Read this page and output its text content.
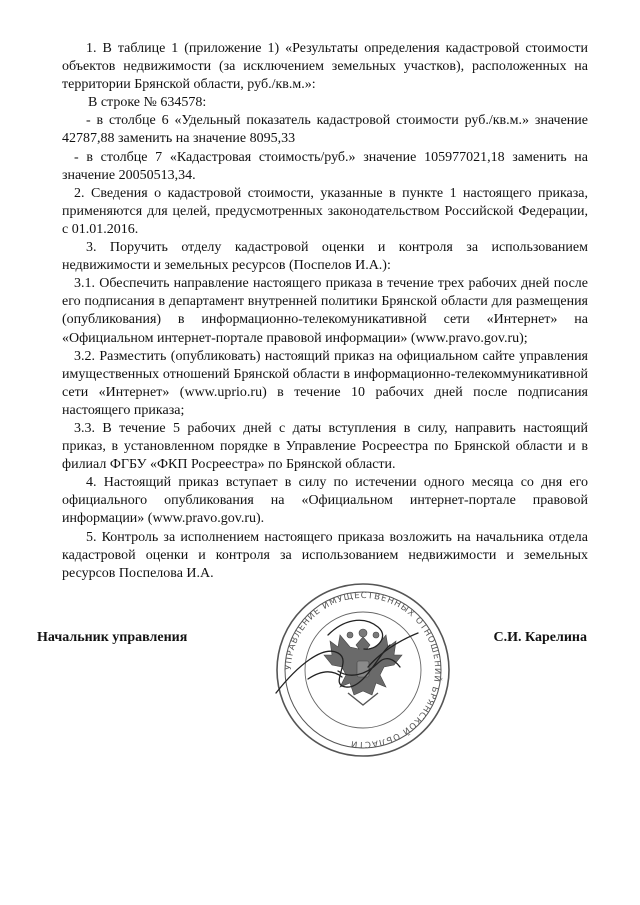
1. В таблице 1 (приложение 1) «Результаты определения кадастровой стоимости объектов недвижимости (за исключением земельных участков), расположенных на территории Брянской области, руб./кв.м.»:

В строке № 634578:

- в столбце 6 «Удельный показатель кадастровой стоимости руб./кв.м.» значение 42787,88 заменить на значение 8095,33

- в столбце 7 «Кадастровая стоимость/руб.» значение 105977021,18 заменить на значение 20050513,34.

2. Сведения о кадастровой стоимости, указанные в пункте 1 настоящего приказа, применяются для целей, предусмотренных законодательством Российской Федерации, с 01.01.2016.

3. Поручить отделу кадастровой оценки и контроля за использованием недвижимости и земельных ресурсов (Поспелов И.А.):

3.1. Обеспечить направление настоящего приказа в течение трех рабочих дней после его подписания в департамент внутренней политики Брянской области для размещения (опубликования) в информационно-телекомуникативной сети «Интернет» на «Официальном интернет-портале правовой информации» (www.pravo.gov.ru);

3.2. Разместить (опубликовать) настоящий приказ на официальном сайте управления имущественных отношений Брянской области в информационно-телекоммуникативной сети «Интернет» (www.uprio.ru) в течение 10 рабочих дней после подписания настоящего приказа;

3.3. В течение 5 рабочих дней с даты вступления в силу, направить настоящий приказ, в установленном порядке в Управление Росреестра по Брянской области и в филиал ФГБУ «ФКП Росреестра» по Брянской области.

4. Настоящий приказ вступает в силу по истечении одного месяца со дня его официального опубликования на «Официальном интернет-портале правовой информации» (www.pravo.gov.ru).

5. Контроль за исполнением настоящего приказа возложить на начальника отдела кадастровой оценки и контроля за использованием недвижимости и земельных ресурсов Поспелова И.А.

УПРАВЛЕНИЕ ИМУЩЕСТВЕННЫХ ОТНОШЕНИЙ БРЯНСКОЙ ОБЛАСТИ
Начальник управления	С.И. Карелина
